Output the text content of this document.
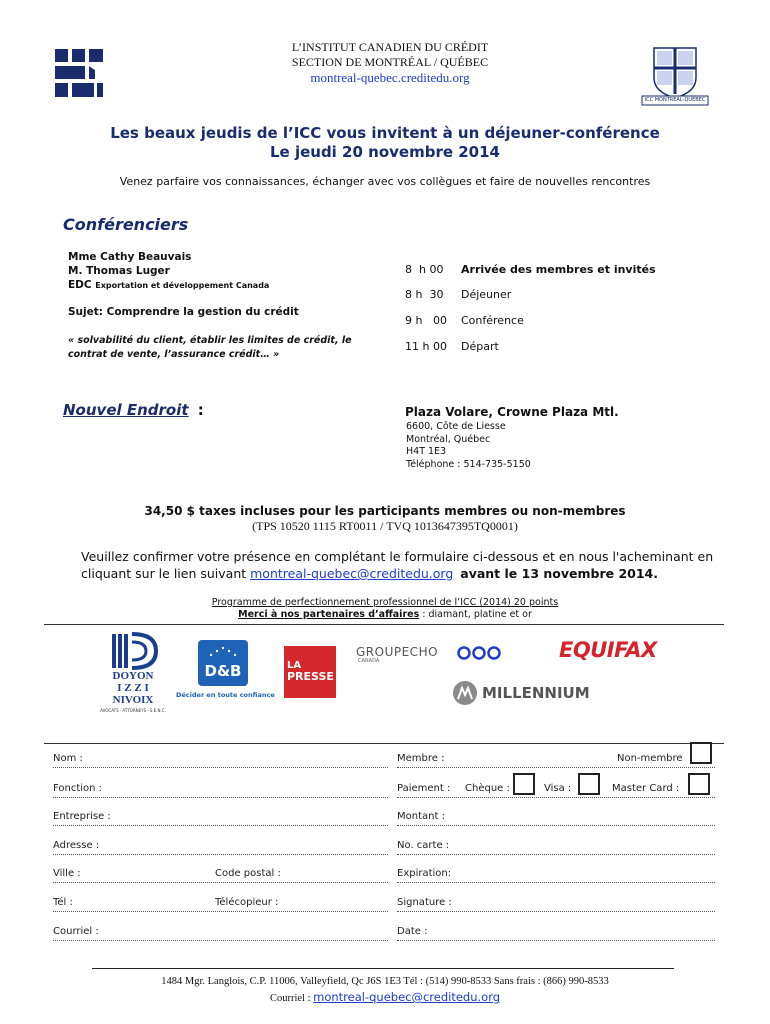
L’INSTITUT CANADIEN DU CRÉDIT
SECTION DE MONTRÉAL / QUÉBEC
montreal-quebec.creditedu.org
ICC MONTRÉAL-QUÉBEC
Les beaux jeudis de l’ICC vous invitent à un déjeuner-conférence
Le jeudi 20 novembre 2014
Venez parfaire vos connaissances, échanger avec vos collègues et faire de nouvelles rencontres
Conférenciers
Mme Cathy Beauvais
M. Thomas Luger
EDC Exportation et développement Canada
Sujet: Comprendre la gestion du crédit
« solvabilité du client, établir les limites de crédit, le
contrat de vente, l’assurance crédit… »
8  h 00 Arrivée des membres et invités
8 h  30 Déjeuner
9 h   00 Conférence
11 h 00 Départ
Nouvel Endroit :	Plaza Volare, Crowne Plaza Mtl.
6600, Côte de Liesse
Montréal, Québec
H4T 1E3
Téléphone : 514-735-5150
34,50 $ taxes incluses pour les participants membres ou non-membres
(TPS 10520 1115 RT0011 / TVQ 1013647395TQ0001)
Veuillez confirmer votre présence en complétant le formulaire ci-dessous et en nous l'acheminant en
cliquant sur le lien suivant montreal-quebec@creditedu.org avant le 13 novembre 2014.
Programme de perfectionnement professionnel de l’ICC (2014) 20 points
Merci à nos partenaires d’affaires : diamant, platine et or
DOYON
I Z Z I
NIVOIX
AVOCATS · ATTORNEYS · S.E.N.C.
D&B
Décider en toute confiance
LA
PRESSE
GROUPECHO
CANADA	EQUIFAX
MILLENNIUM
Nom :	Membre :	Non-membre
Fonction :	Paiement : Chèque :	Visa :	Master Card :
Entreprise :	Montant :
Adresse :	No. carte :
Ville :	Code postal :	Expiration:
Tél :	Télécopieur :	Signature :
Courriel :	Date :
1484 Mgr. Langlois, C.P. 11006, Valleyfield, Qc J6S 1E3 Tél : (514) 990-8533 Sans frais : (866) 990-8533
Courriel : montreal-quebec@creditedu.org
